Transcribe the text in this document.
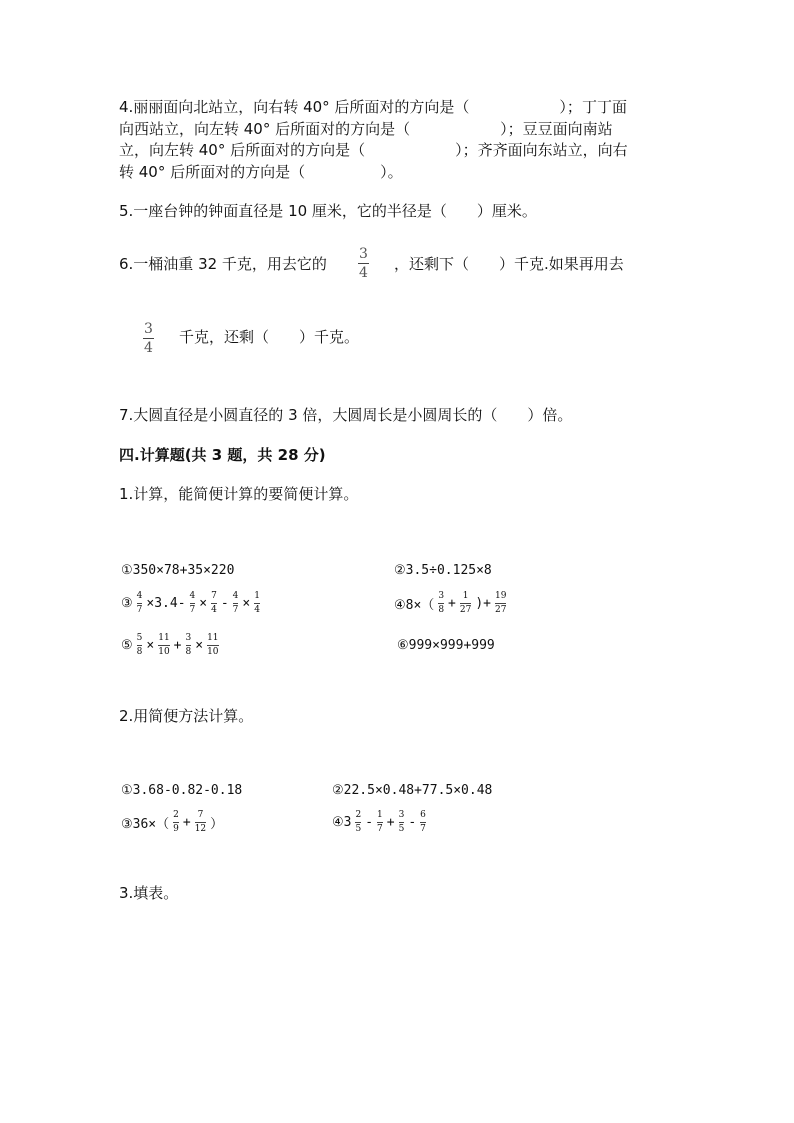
4.丽丽面向北站立，向右转 40° 后所面对的方向是（　　　　　　）；丁丁面
向西站立，向左转 40° 后所面对的方向是（　　　　　　）；豆豆面向南站
立，向左转 40° 后所面对的方向是（　　　　　　）；齐齐面向东站立，向右
转 40° 后所面对的方向是（　　　　　）。
5.一座台钟的钟面直径是 10 厘米，它的半径是（　　）厘米。
6.一桶油重 32 千克，用去它的
3
4 ，还剩下（　　）千克.如果再用去
3
4
千克，还剩（　　）千克。
7.大圆直径是小圆直径的 3 倍，大圆周长是小圆周长的（　　）倍。
四.计算题(共 3 题，共 28 分)
1.计算，能简便计算的要简便计算。
①350×78+35×220	②3.5÷0.125×8
③ $\frac{4}{7} \times 3.4- \frac{4}{7} \times \frac{7}{4} - \frac{4}{7} \times \frac{1}{4}$	④8×（ $\frac{3}{8} + \frac{1}{27}$ )+ $\frac{19}{27}$
⑤ $\frac{5}{8} \times \frac{11}{10} + \frac{3}{8} \times \frac{11}{10}$	⑥999×999+999
2.用简便方法计算。
①3.68-0.82-0.18	②22.5×0.48+77.5×0.48
③36×（ $\frac{2}{9} + \frac{7}{12}$ ）	④3 $\frac{2}{5} - \frac{1}{7} + \frac{3}{5} - \frac{6}{7}$
3.填表。
